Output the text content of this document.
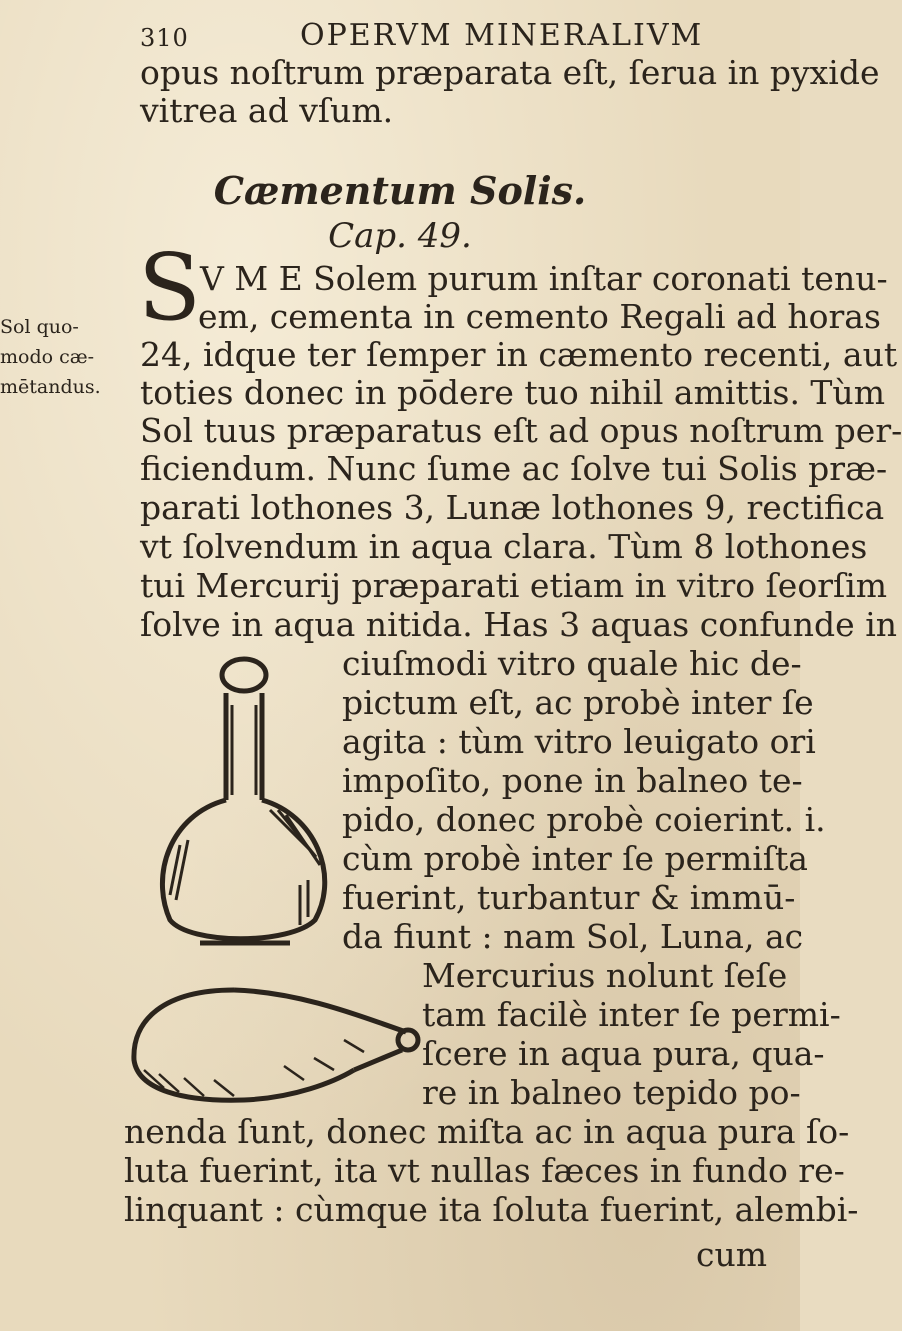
310	OPERVM MINERALIVM
opus noſtrum præparata eſt, ſerua in pyxide
vitrea ad vſum.
Cæmentum Solis.
Cap. 49.
Sol quo-
modo cæ-
mētandus.
S
V M E Solem purum inſtar coronati tenu-
em, cementa in cemento Regali ad horas
24, idque ter ſemper in cæmento recenti, aut
toties donec in pōdere tuo nihil amittis. Tùm
Sol tuus præparatus eſt ad opus noſtrum per-
ficiendum. Nunc ſume ac ſolve tui Solis præ-
parati lothones 3, Lunæ lothones 9, rectifica
vt ſolvendum in aqua clara. Tùm 8 lothones
tui Mercurij præparati etiam in vitro ſeorſim
ſolve in aqua nitida. Has 3 aquas confunde in
ciuſmodi vitro quale hic de-
pictum eſt, ac probè inter ſe
agita : tùm vitro leuigato ori
impoſito, pone in balneo te-
pido, donec probè coierint. i.
cùm probè inter ſe permiſta
fuerint, turbantur & immū-
da fiunt : nam Sol, Luna, ac
Mercurius nolunt ſeſe
tam facilè inter ſe permi-
ſcere in aqua pura, qua-
re in balneo tepido po-
nenda ſunt, donec miſta ac in aqua pura ſo-
luta fuerint, ita vt nullas fæces in fundo re-
linquant : cùmque ita ſoluta fuerint, alembi-
cum
